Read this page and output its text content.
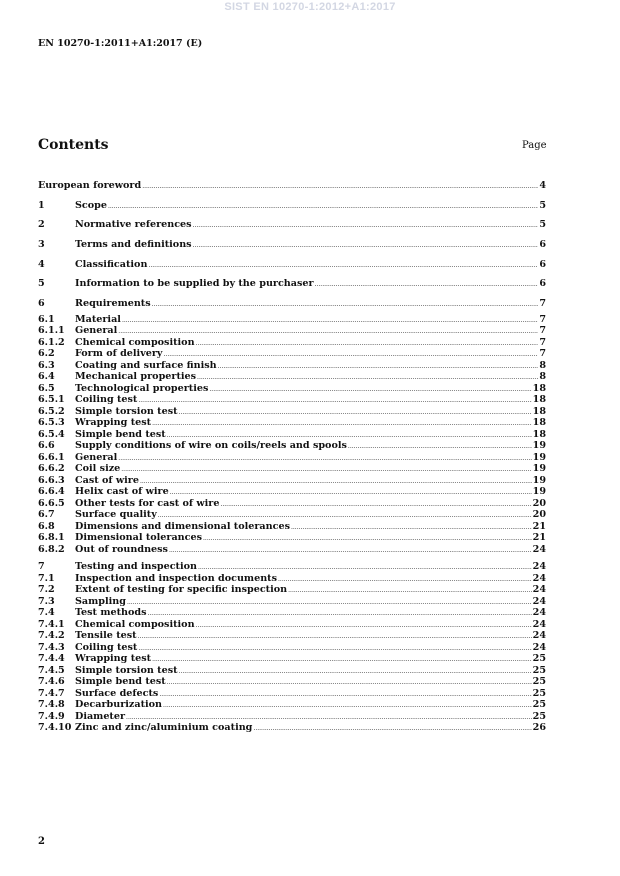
SIST EN 10270-1:2012+A1:2017
EN 10270-1:2011+A1:2017 (E)
Contents	Page
European foreword .....	4
1	Scope .....	5
2	Normative references .....	5
3	Terms and definitions .....	6
4	Classification .....	6
5	Information to be supplied by the purchaser .....	6
6	Requirements .....	7
6.1	Material .....	7
6.1.1	General .....	7
6.1.2	Chemical composition .....	7
6.2	Form of delivery .....	7
6.3	Coating and surface finish .....	8
6.4	Mechanical properties .....	8
6.5	Technological properties .....	18
6.5.1	Coiling test .....	18
6.5.2	Simple torsion test .....	18
6.5.3	Wrapping test .....	18
6.5.4	Simple bend test .....	18
6.6	Supply conditions of wire on coils/reels and spools .....	19
6.6.1	General .....	19
6.6.2	Coil size .....	19
6.6.3	Cast of wire .....	19
6.6.4	Helix cast of wire .....	19
6.6.5	Other tests for cast of wire .....	20
6.7	Surface quality .....	20
6.8	Dimensions and dimensional tolerances .....	21
6.8.1	Dimensional tolerances .....	21
6.8.2	Out of roundness .....	24
7	Testing and inspection .....	24
7.1	Inspection and inspection documents .....	24
7.2	Extent of testing for specific inspection .....	24
7.3	Sampling .....	24
7.4	Test methods .....	24
7.4.1	Chemical composition .....	24
7.4.2	Tensile test .....	24
7.4.3	Coiling test .....	24
7.4.4	Wrapping test .....	25
7.4.5	Simple torsion test .....	25
7.4.6	Simple bend test .....	25
7.4.7	Surface defects .....	25
7.4.8	Decarburization .....	25
7.4.9	Diameter .....	25
7.4.10 Zinc and zinc/aluminium coating .....	26
2
